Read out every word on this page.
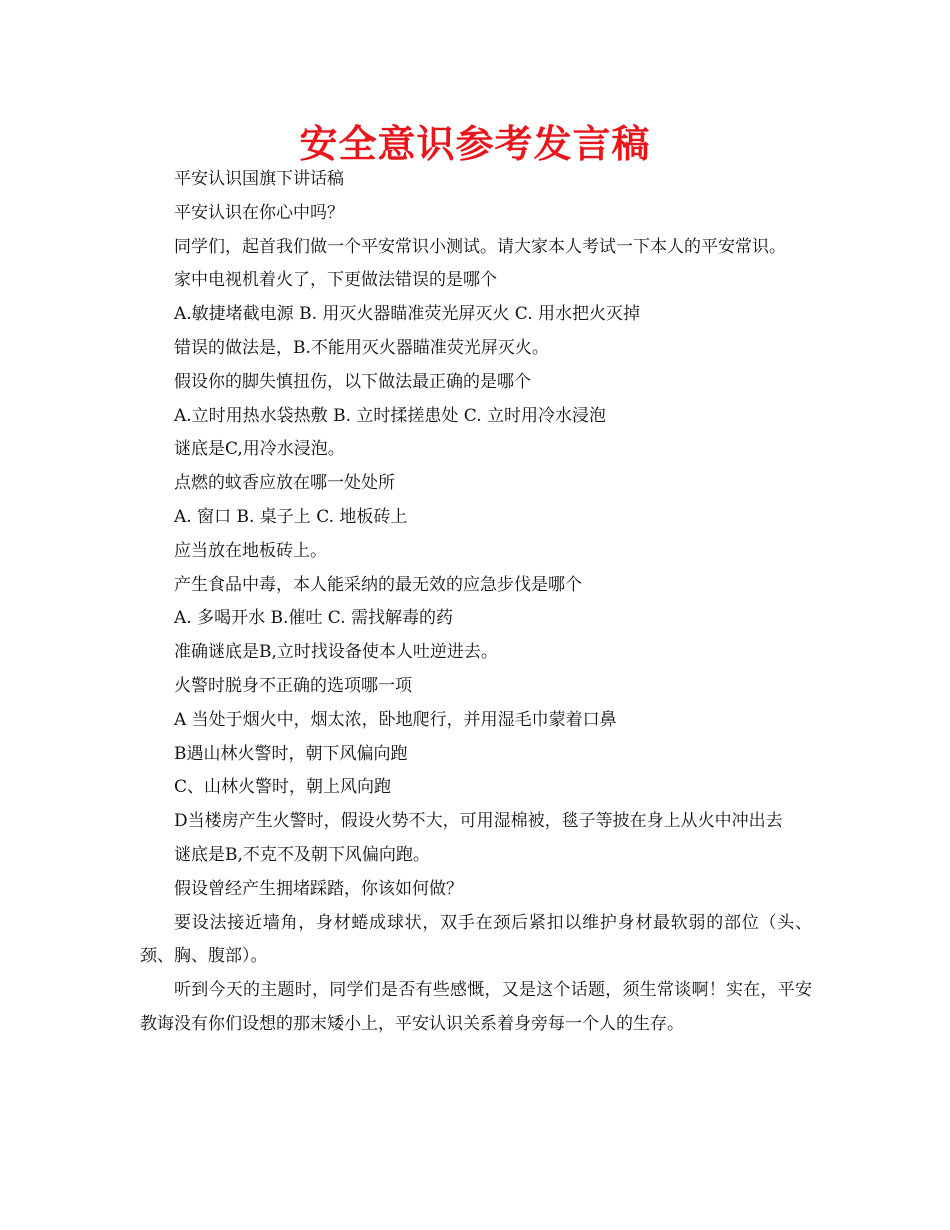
安全意识参考发言稿

平安认识国旗下讲话稿

平安认识在你心中吗？

同学们，起首我们做一个平安常识小测试。请大家本人考试一下本人的平安常识。

家中电视机着火了，下更做法错误的是哪个

A.敏捷堵截电源 B. 用灭火器瞄准荧光屏灭火 C. 用水把火灭掉

错误的做法是，B.不能用灭火器瞄准荧光屏灭火。

假设你的脚失慎扭伤，以下做法最正确的是哪个

A.立时用热水袋热敷 B. 立时揉搓患处 C. 立时用冷水浸泡

谜底是C,用冷水浸泡。

点燃的蚊香应放在哪一处处所

A. 窗口 B. 桌子上 C. 地板砖上

应当放在地板砖上。

产生食品中毒，本人能采纳的最无效的应急步伐是哪个

A. 多喝开水 B.催吐 C. 需找解毒的药

准确谜底是B,立时找设备使本人吐逆进去。

火警时脱身不正确的选项哪一项

A 当处于烟火中，烟太浓，卧地爬行，并用湿毛巾蒙着口鼻

B遇山林火警时，朝下风偏向跑

C、山林火警时，朝上风向跑

D当楼房产生火警时，假设火势不大，可用湿棉被，毯子等披在身上从火中冲出去

谜底是B,不克不及朝下风偏向跑。

假设曾经产生拥堵踩踏，你该如何做？

要设法接近墙角，身材蜷成球状，双手在颈后紧扣以维护身材最软弱的部位（头、颈、胸、腹部）。

听到今天的主题时，同学们是否有些感慨，又是这个话题，须生常谈啊！实在，平安教诲没有你们设想的那末矮小上，平安认识关系着身旁每一个人的生存。
